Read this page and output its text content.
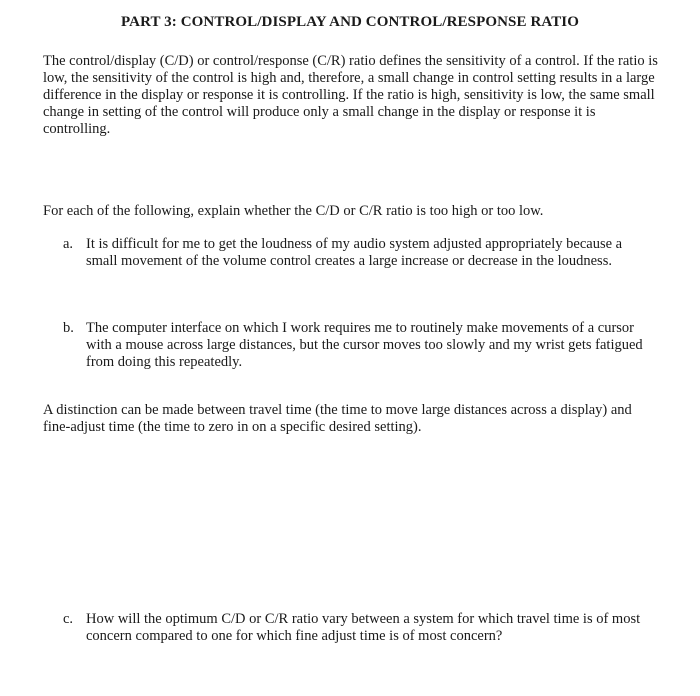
PART 3: CONTROL/DISPLAY AND CONTROL/RESPONSE RATIO

The control/display (C/D) or control/response (C/R) ratio defines the sensitivity of a control. If the ratio is low, the sensitivity of the control is high and, therefore, a small change in control setting results in a large difference in the display or response it is controlling. If the ratio is high, sensitivity is low, the same small change in setting of the control will produce only a small change in the display or response it is controlling.

For each of the following, explain whether the C/D or C/R ratio is too high or too low.

a. It is difficult for me to get the loudness of my audio system adjusted appropriately because a small movement of the volume control creates a large increase or decrease in the loudness.
b. The computer interface on which I work requires me to routinely make movements of a cursor with a mouse across large distances, but the cursor moves too slowly and my wrist gets fatigued from doing this repeatedly.

A distinction can be made between travel time (the time to move large distances across a display) and fine-adjust time (the time to zero in on a specific desired setting).

c. How will the optimum C/D or C/R ratio vary between a system for which travel time is of most concern compared to one for which fine adjust time is of most concern?
